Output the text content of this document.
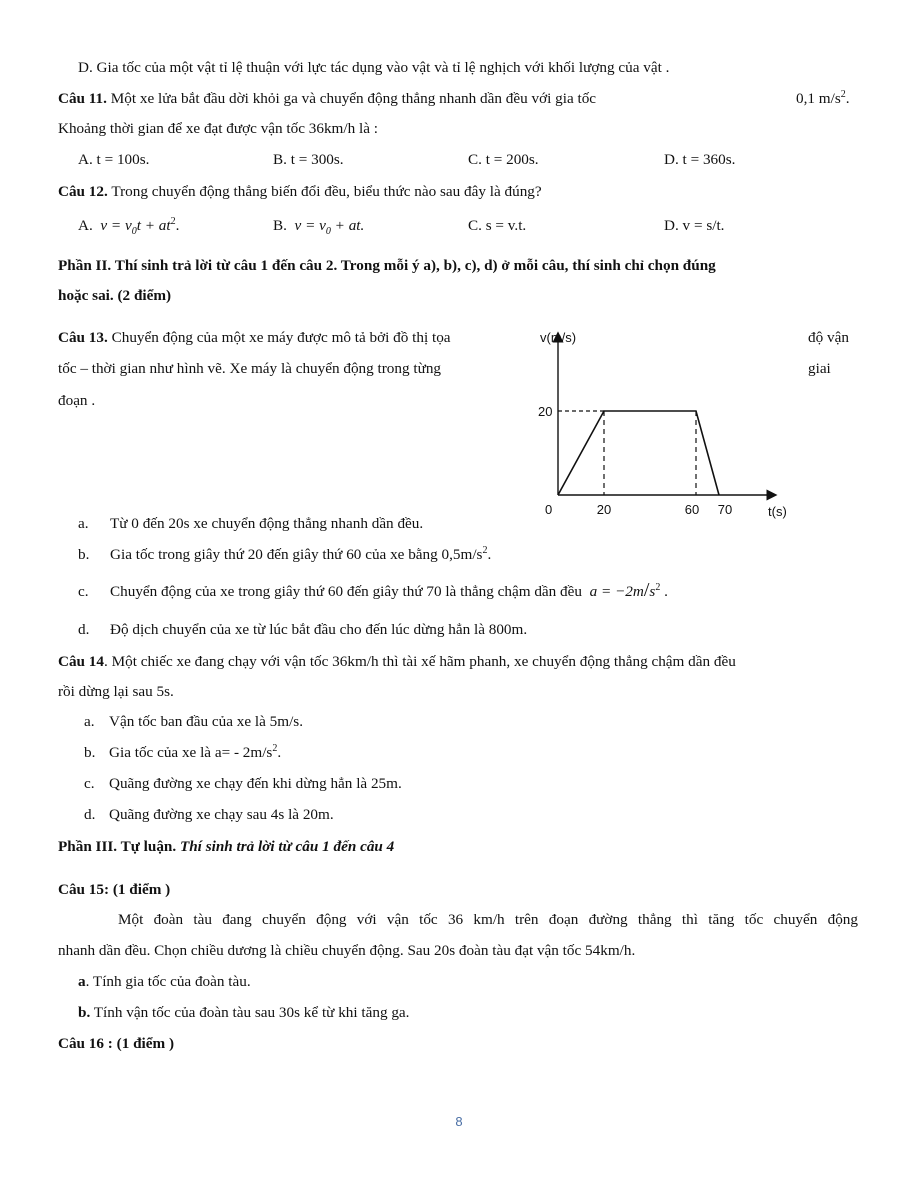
D. Gia tốc của một vật tỉ lệ thuận với lực tác dụng vào vật và tỉ lệ nghịch với khối lượng của vật .
Câu 11. Một xe lửa bắt đầu dời khỏi ga và chuyển động thẳng nhanh dần đều với gia tốc	0,1 $m/s^2$.
Khoảng thời gian để xe đạt được vận tốc 36km/h là :
A. t = 100s.	B. t = 300s.	C. t = 200s.	D. t = 360s.
Câu 12. Trong chuyển động thẳng biến đổi đều, biểu thức nào sau đây là đúng?
A. $v = v_0t + at^2$.	B. $v = v_0$ + at.	C. s = v.t.	D. v = s/t.
Phần II. Thí sinh trả lời từ câu 1 đến câu 2. Trong mỗi ý a), b), c), d) ở mỗi câu, thí sinh chỉ chọn đúng
hoặc sai. (2 điểm)
Câu 13. Chuyển động của một xe máy được mô tả bởi đồ thị tọa	độ vận
tốc – thời gian như hình vẽ. Xe máy là chuyển động trong từng	giai
đoạn .
v(m/s)
t(s)
0
20
20	60 70
a. Từ 0 đến 20s xe chuyển động thẳng nhanh dần đều.
b. Gia tốc trong giây thứ 20 đến giây thứ 60 của xe bằng $0,5m/s^2$.
c. Chuyển động của xe trong giây thứ 60 đến giây thứ 70 là thẳng chậm dần đều $a = -2m/s^2$ .
d. Độ dịch chuyển của xe từ lúc bắt đầu cho đến lúc dừng hẳn là 800m.
Câu 14. Một chiếc xe đang chạy với vận tốc 36km/h thì tài xế hãm phanh, xe chuyển động thẳng chậm dần đều
rồi dừng lại sau 5s.
a. Vận tốc ban đầu của xe là 5m/s.
b. Gia tốc của xe là $a= - 2m/s^2$.
c. Quãng đường xe chạy đến khi dừng hẳn là 25m.
d. Quãng đường xe chạy sau 4s là 20m.
Phần III. Tự luận. Thí sinh trả lời từ câu 1 đến câu 4
Câu 15: (1 điểm )
Một đoàn tàu đang chuyển động với vận tốc 36 km/h trên đoạn đường thẳng thì tăng tốc chuyển động
nhanh dần đều. Chọn chiều dương là chiều chuyển động. Sau 20s đoàn tàu đạt vận tốc 54km/h.
a. Tính gia tốc của đoàn tàu.
b. Tính vận tốc của đoàn tàu sau 30s kể từ khi tăng ga.
Câu 16 : (1 điểm )
8
